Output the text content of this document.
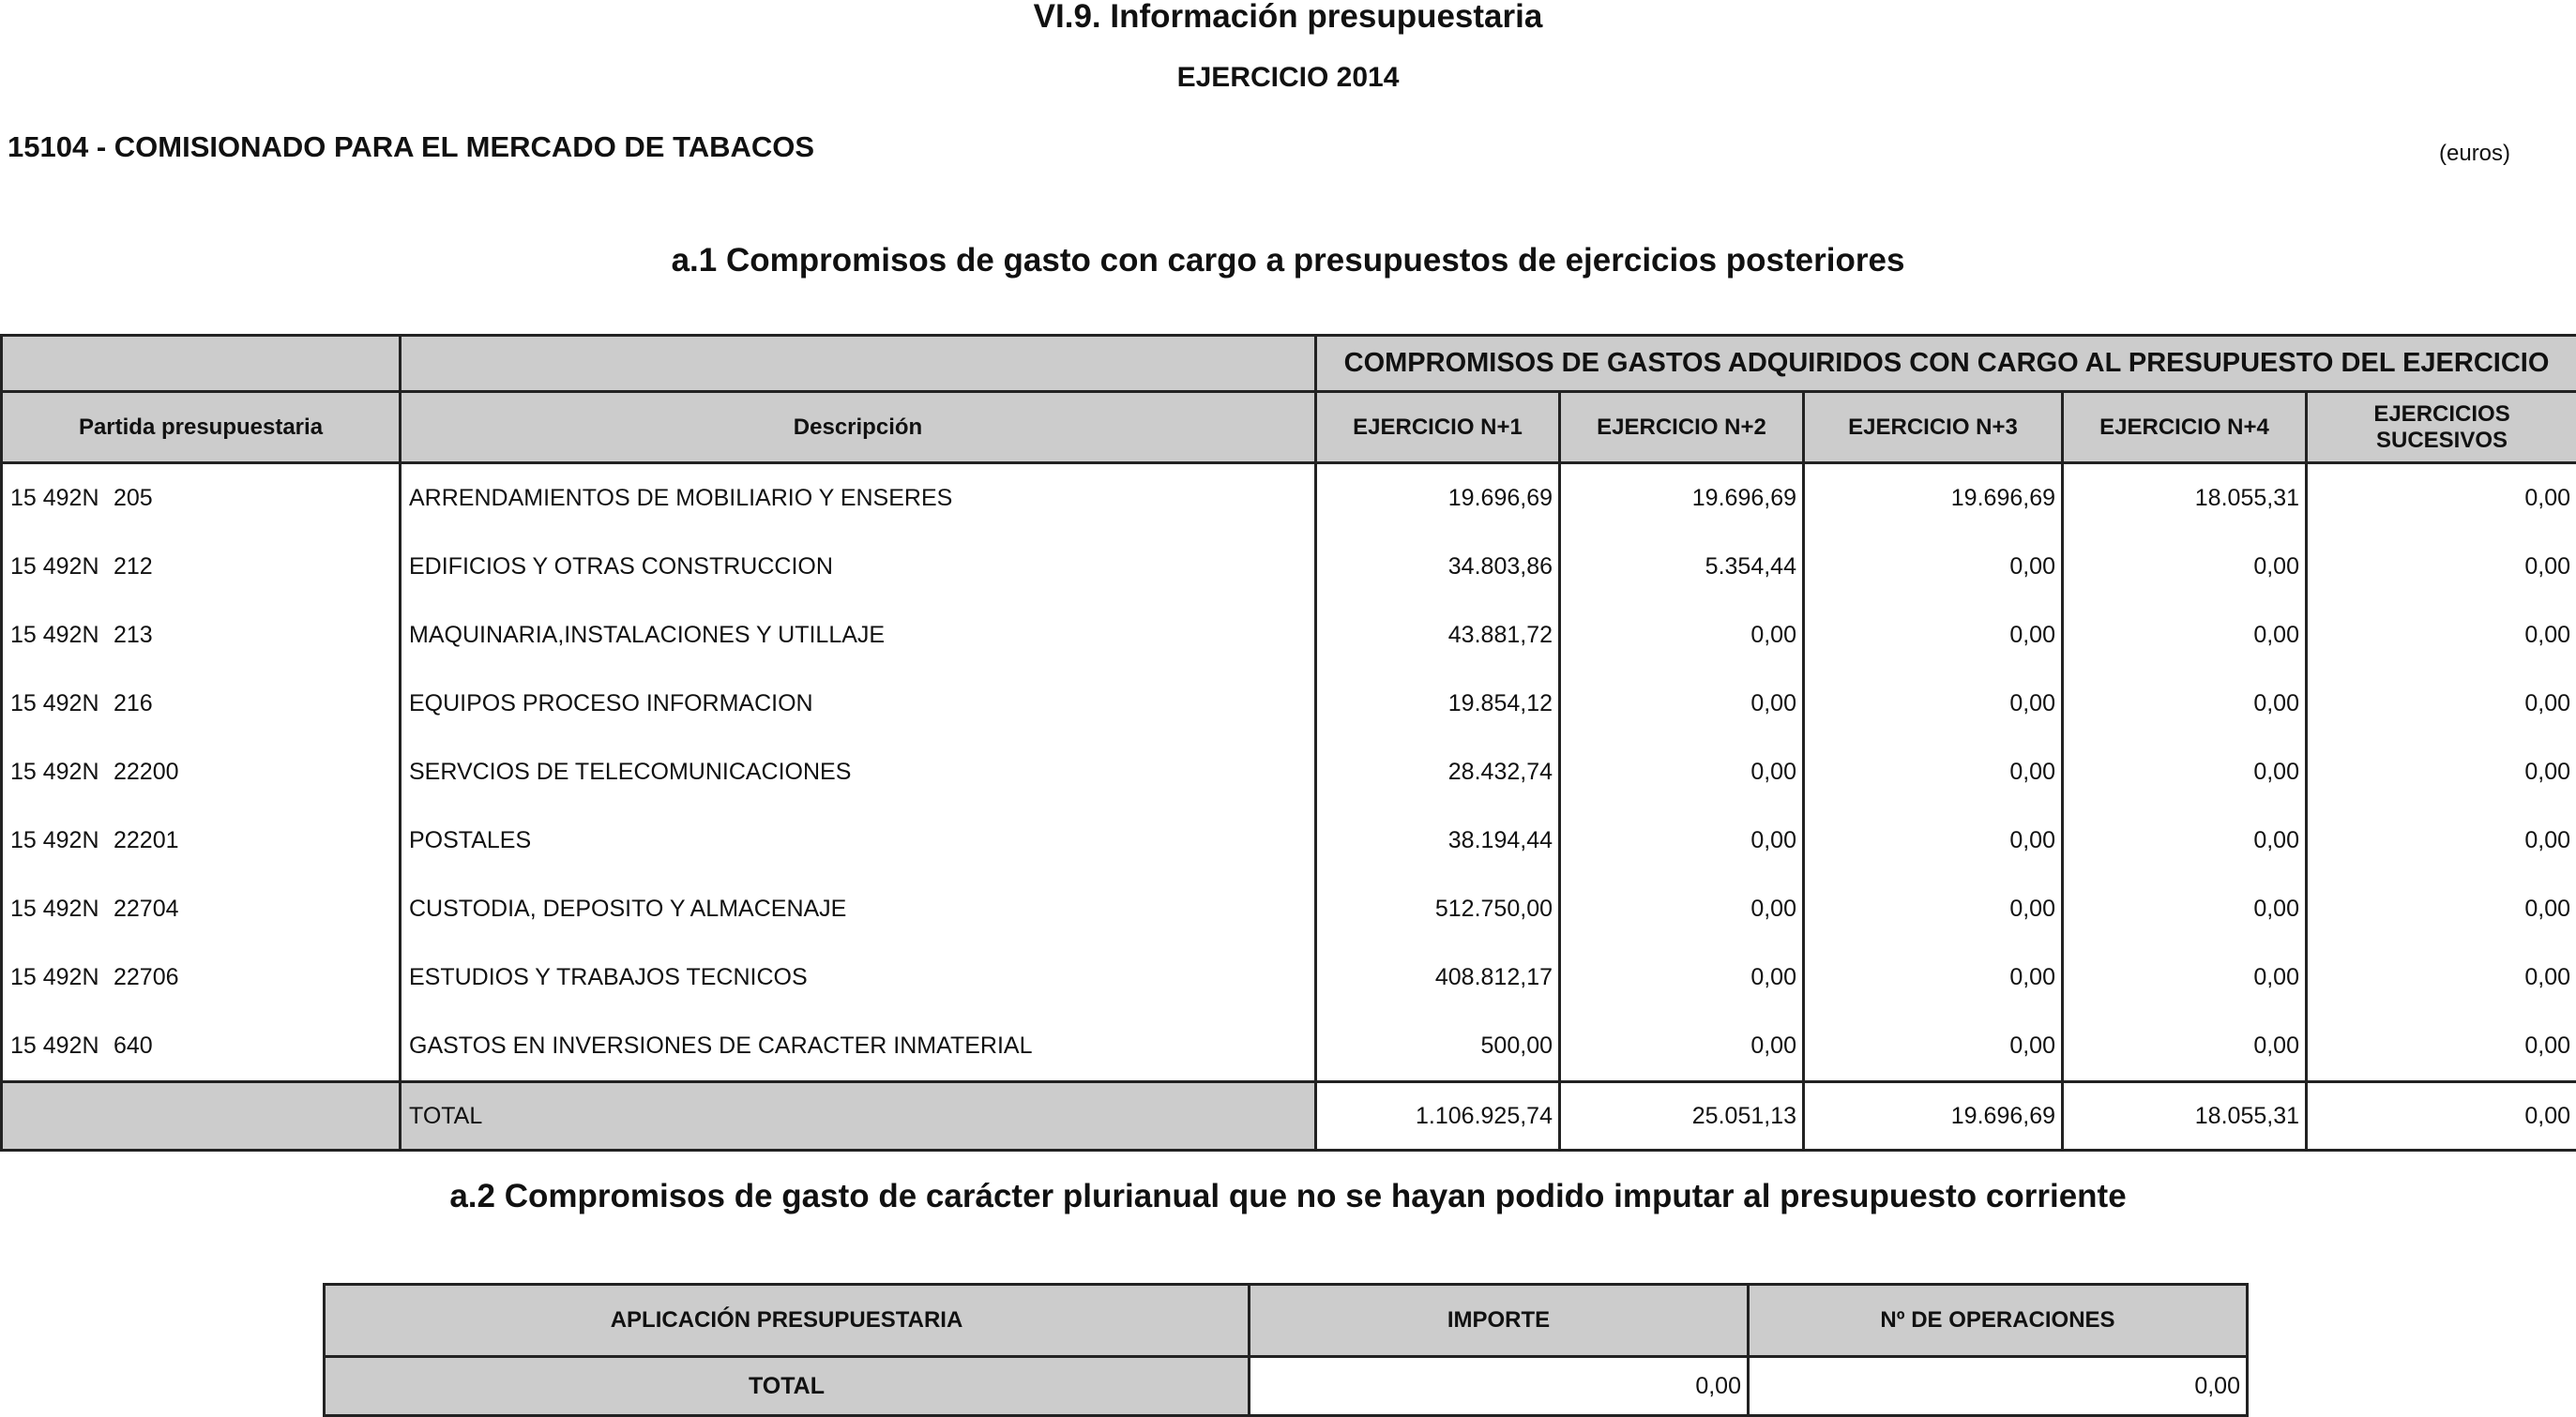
VI.9. Información presupuestaria
EJERCICIO 2014
15104 - COMISIONADO PARA EL MERCADO DE TABACOS	(euros)
a.1 Compromisos de gasto con cargo a presupuestos de ejercicios posteriores
		COMPROMISOS DE GASTOS ADQUIRIDOS CON CARGO AL PRESUPUESTO DEL EJERCICIO				
Partida presupuestaria	Descripción	EJERCICIO N+1	EJERCICIO N+2	EJERCICIO N+3	EJERCICIO N+4	EJERCICIOS SUCESIVOS
15 492N 205	ARRENDAMIENTOS DE MOBILIARIO Y ENSERES	19.696,69	19.696,69	19.696,69	18.055,31	0,00
15 492N 212	EDIFICIOS Y OTRAS CONSTRUCCION	34.803,86	5.354,44	0,00	0,00	0,00
15 492N 213	MAQUINARIA,INSTALACIONES Y UTILLAJE	43.881,72	0,00	0,00	0,00	0,00
15 492N 216	EQUIPOS PROCESO INFORMACION	19.854,12	0,00	0,00	0,00	0,00
15 492N 22200	SERVCIOS DE TELECOMUNICACIONES	28.432,74	0,00	0,00	0,00	0,00
15 492N 22201	POSTALES	38.194,44	0,00	0,00	0,00	0,00
15 492N 22704	CUSTODIA, DEPOSITO Y ALMACENAJE	512.750,00	0,00	0,00	0,00	0,00
15 492N 22706	ESTUDIOS Y TRABAJOS TECNICOS	408.812,17	0,00	0,00	0,00	0,00
15 492N 640	GASTOS EN INVERSIONES DE CARACTER INMATERIAL	500,00	0,00	0,00	0,00	0,00
	TOTAL	1.106.925,74	25.051,13	19.696,69	18.055,31	0,00
a.2 Compromisos de gasto de carácter plurianual que no se hayan podido imputar al presupuesto corriente
APLICACIÓN PRESUPUESTARIA	IMPORTE	Nº DE OPERACIONES
TOTAL	0,00	0,00
